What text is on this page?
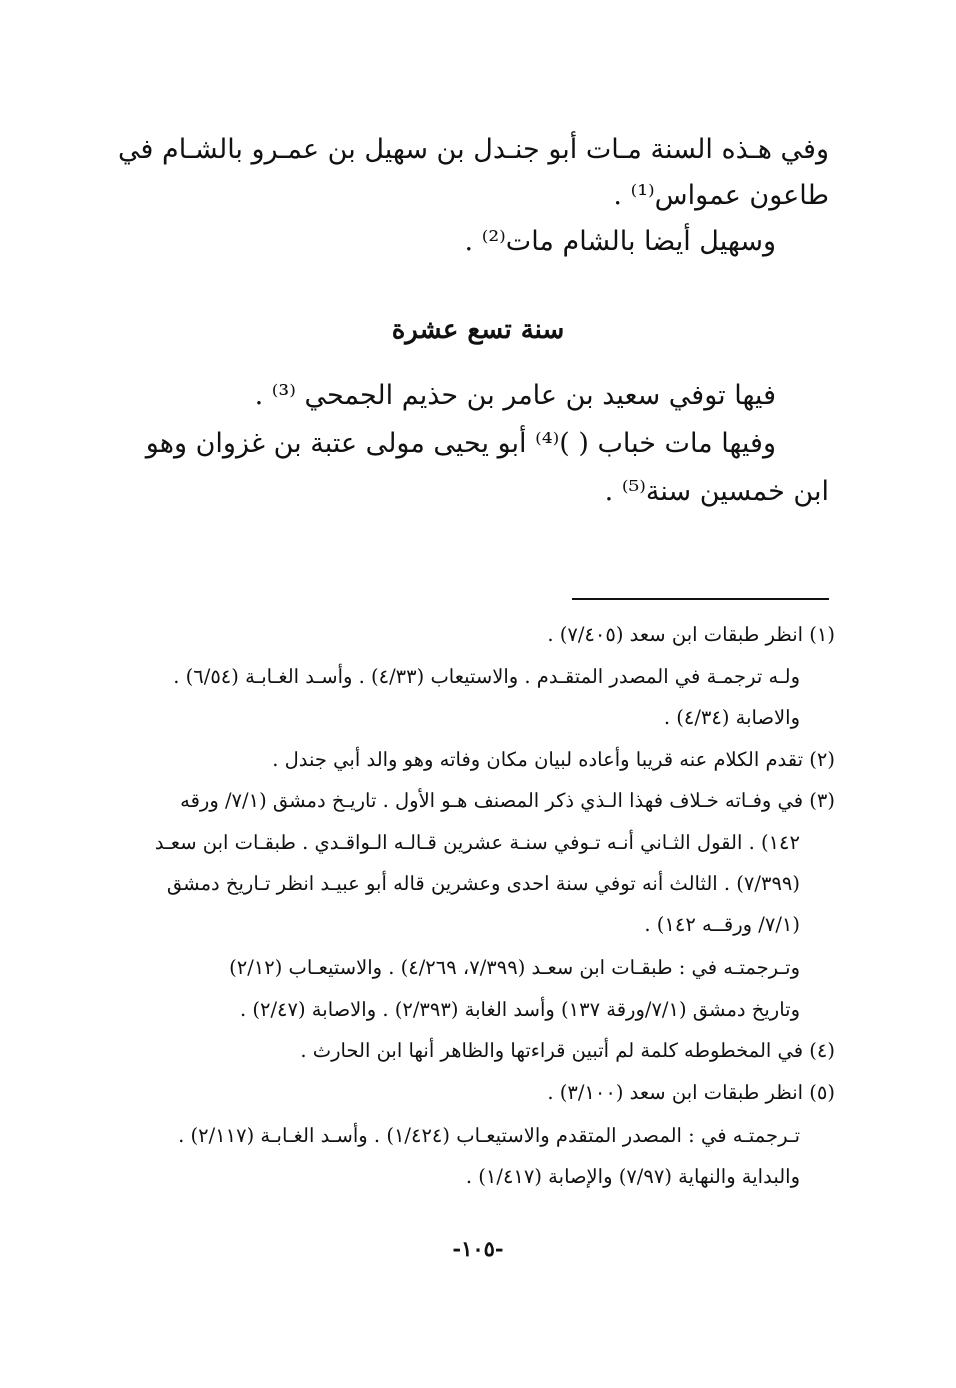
وفي هـذه السنة مـات أبو جنـدل بن سهيل بن عمـرو بالشـام في
طاعون عمواس⁽¹⁾ .
وسهيل أيضا بالشام مات⁽²⁾ .
سنة تسع عشرة
فيها توفي سعيد بن عامر بن حذيم الجمحي ⁽³⁾ .
وفيها مات خباب ( )⁽⁴⁾ أبو يحيى مولى عتبة بن غزوان وهو
ابن خمسين سنة⁽⁵⁾ .
(١) انظر طبقات ابن سعد (٧/٤٠٥) .
ولـه ترجمـة في المصدر المتقـدم . والاستيعاب (٤/٣٣) . وأسـد الغـابـة (٦/٥٤) .
والاصابة (٤/٣٤) .
(٢) تقدم الكلام عنه قريبا وأعاده لبيان مكان وفاته وهو والد أبي جندل .
(٣) في وفـاته خـلاف فهذا الـذي ذكر المصنف هـو الأول . تاريـخ دمشق (٧/١/ ورقه
١٤٢) . القول الثـاني أنـه تـوفي سنـة عشرين قـالـه الـواقـدي . طبقـات ابن سعـد
(٧/٣٩٩) . الثالث أنه توفي سنة احدى وعشرين قاله أبو عبيـد انظر تـاريخ دمشق
(٧/١/ ورقــه ١٤٢) .
وتـرجمتـه في : طبقـات ابن سعـد (٧/٣٩٩، ٤/٢٦٩) . والاستيعـاب (٢/١٢)
وتاريخ دمشق (٧/١/ورقة ١٣٧) وأسد الغابة (٢/٣٩٣) . والاصابة (٢/٤٧) .
(٤) في المخطوطه كلمة لم أتبين قراءتها والظاهر أنها ابن الحارث .
(٥) انظر طبقات ابن سعد (٣/١٠٠) .
تـرجمتـه في : المصدر المتقدم والاستيعـاب (١/٤٢٤) . وأسـد الغـابـة (٢/١١٧) .
والبداية والنهاية (٧/٩٧) والإصابة (١/٤١٧) .
-١٠٥-
